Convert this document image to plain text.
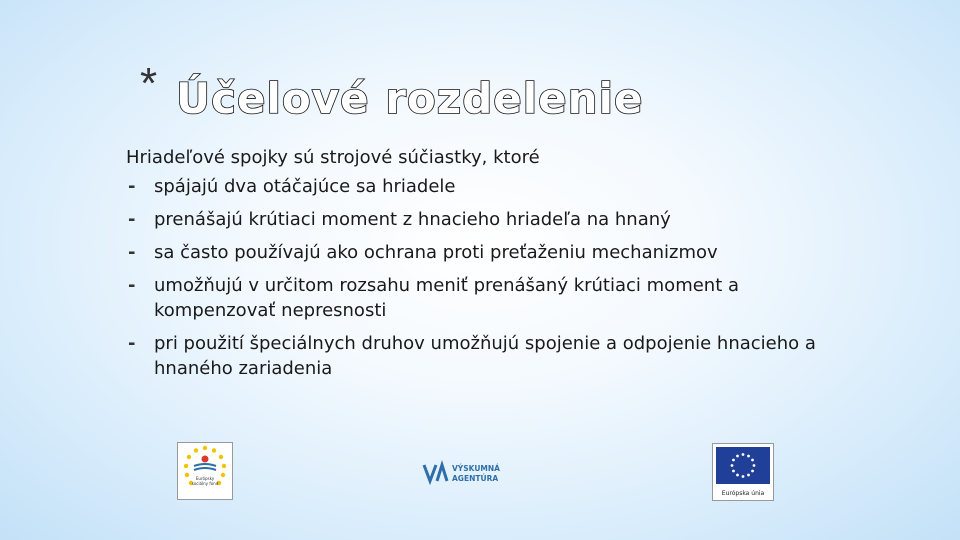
* Účelové rozdelenie

Hriadeľové spojky sú strojové súčiastky, ktoré

- spájajú dva otáčajúce sa hriadele
- prenášajú krútiaci moment z hnacieho hriadeľa na hnaný
- sa často používajú ako ochrana proti preťaženiu mechanizmov
- umožňujú v určitom rozsahu meniť prenášaný krútiaci moment a kompenzovať nepresnosti
- pri použití špeciálnych druhov umožňujú spojenie a odpojenie hnacieho a hnaného zariadenia
Európsky
sociálny fond
VÝSKUMNÁ
AGENTÚRA
Európska únia
